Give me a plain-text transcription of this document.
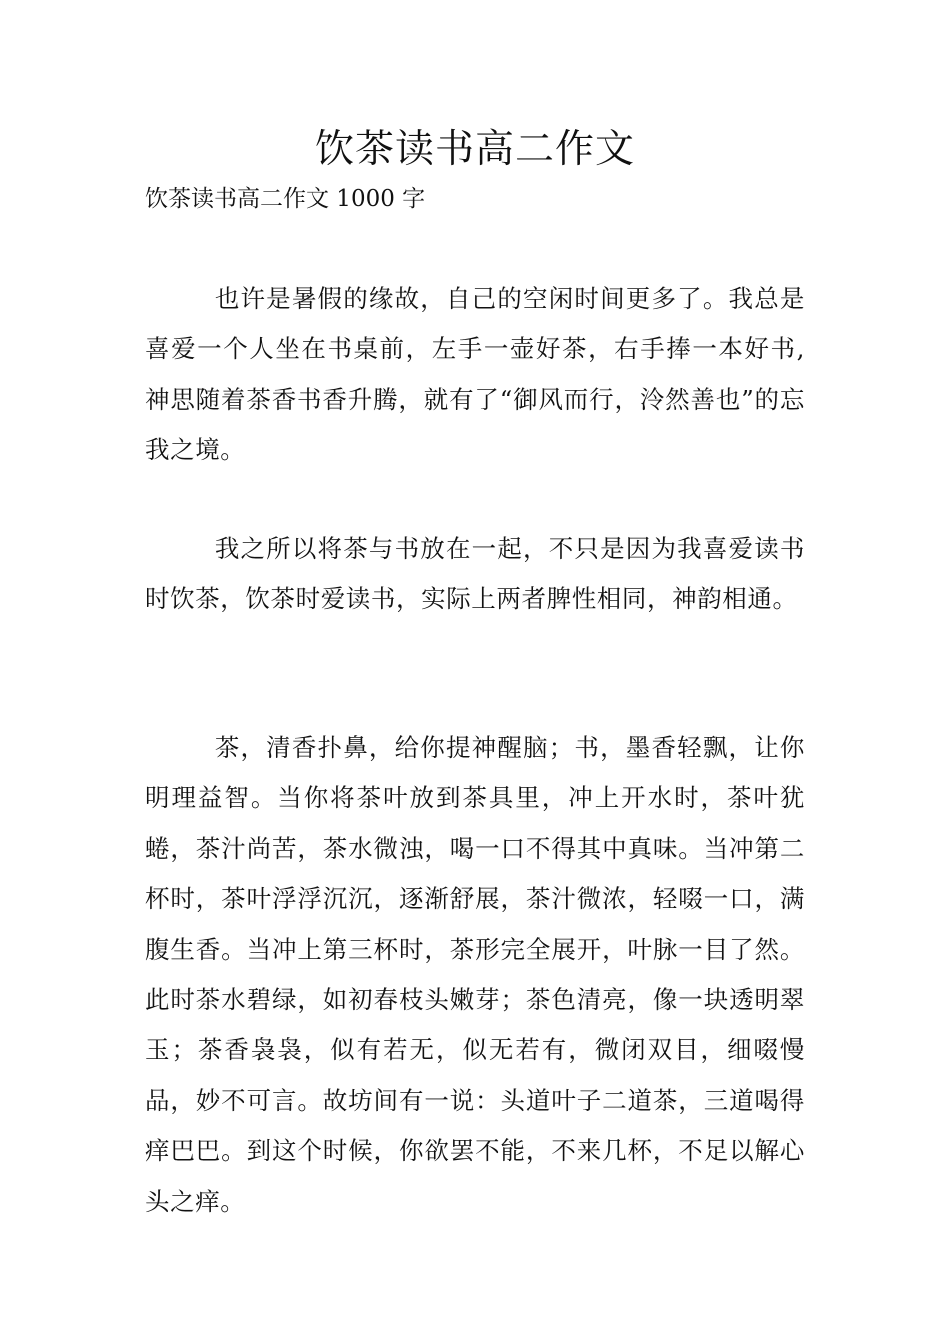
饮茶读书高二作文

饮茶读书高二作文 1000 字

也许是暑假的缘故，自己的空闲时间更多了。我总是喜爱一个人坐在书桌前，左手一壶好茶，右手捧一本好书,神思随着茶香书香升腾，就有了“御风而行，泠然善也”的忘我之境。

我之所以将茶与书放在一起，不只是因为我喜爱读书时饮茶，饮茶时爱读书，实际上两者脾性相同，神韵相通。

茶，清香扑鼻，给你提神醒脑；书，墨香轻飘，让你明理益智。当你将茶叶放到茶具里，冲上开水时，茶叶犹蜷，茶汁尚苦，茶水微浊，喝一口不得其中真味。当冲第二杯时，茶叶浮浮沉沉，逐渐舒展，茶汁微浓，轻啜一口，满腹生香。当冲上第三杯时，茶形完全展开，叶脉一目了然。此时茶水碧绿，如初春枝头嫩芽；茶色清亮，像一块透明翠玉；茶香袅袅，似有若无，似无若有，微闭双目，细啜慢品，妙不可言。故坊间有一说：头道叶子二道茶，三道喝得痒巴巴。到这个时候，你欲罢不能，不来几杯，不足以解心头之痒。
